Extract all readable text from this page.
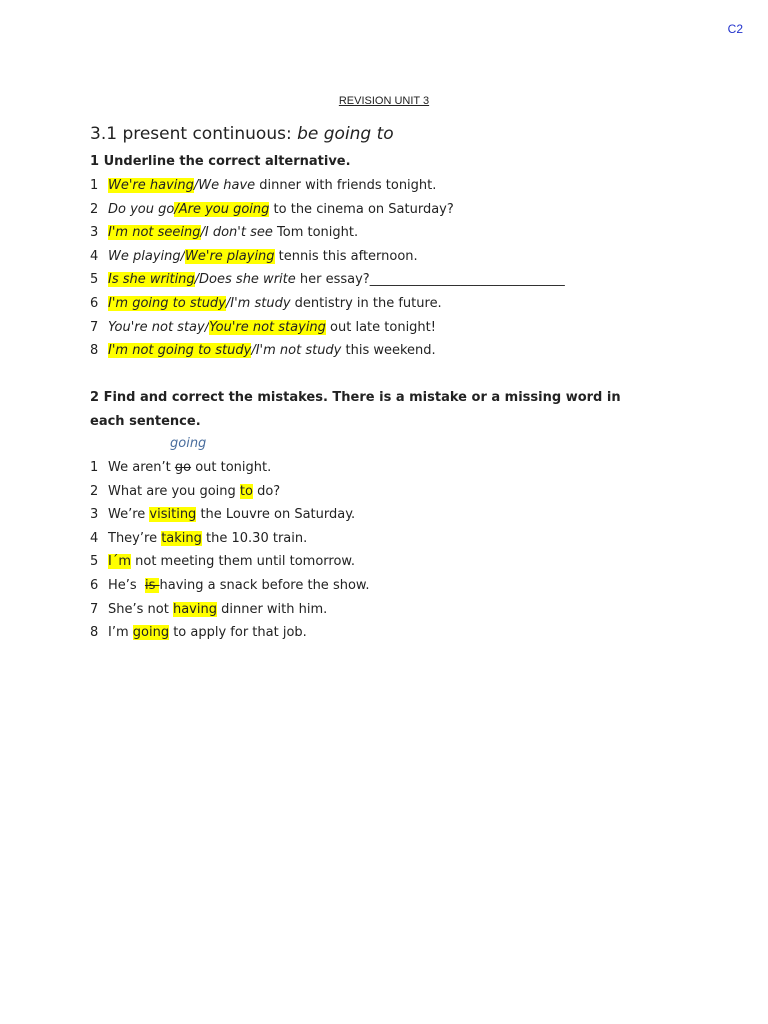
C2
REVISION UNIT 3
3.1 present continuous: be going to
1 Underline the correct alternative.
1 We're having/We have dinner with friends tonight.
2 Do you go/Are you going to the cinema on Saturday?
3 I'm not seeing/I don't see Tom tonight.
4 We playing/We're playing tennis this afternoon.
5 Is she writing/Does she write her essay?______________________________
6 I'm going to study/I'm study dentistry in the future.
7 You're not stay/You're not staying out late tonight!
8 I'm not going to study/I'm not study this weekend.
2 Find and correct the mistakes. There is a mistake or a missing word in each sentence.
going
1 We aren’t go out tonight.
2 What are you going to do?
3 We’re visiting the Louvre on Saturday.
4 They’re taking the 10.30 train.
5 I´m not meeting them until tomorrow.
6 He’s  is having a snack before the show.
7 She’s not having dinner with him.
8 I’m going to apply for that job.
